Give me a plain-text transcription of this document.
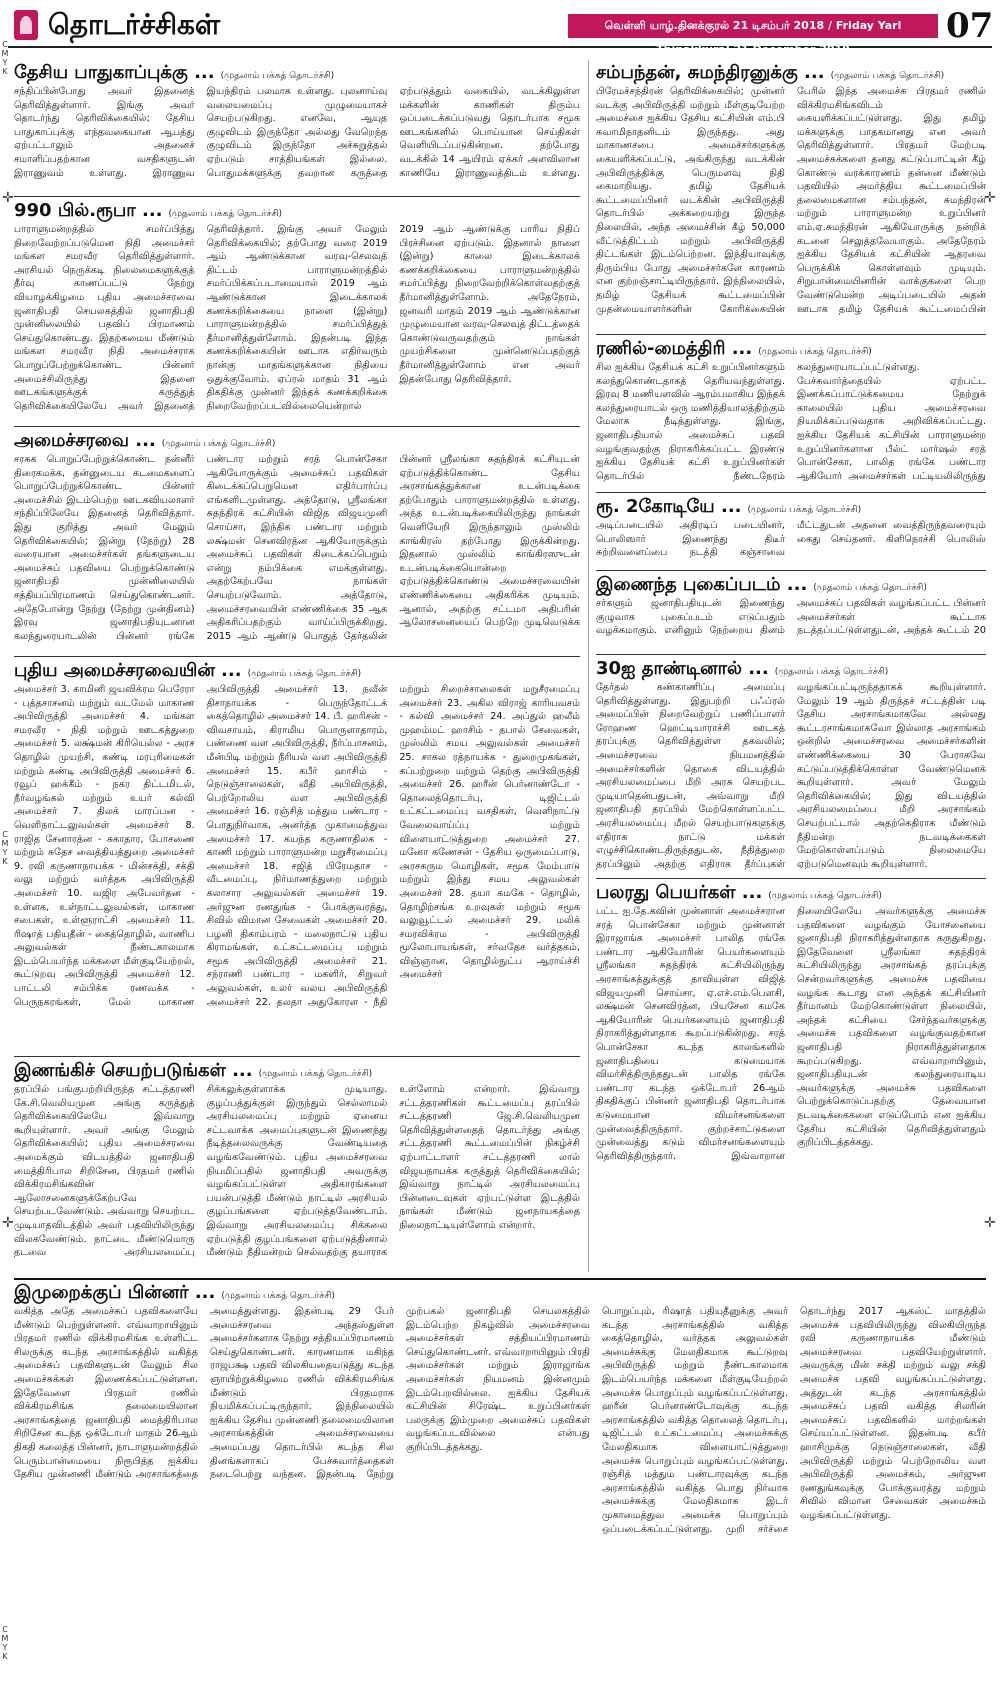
தொடர்ச்சிகள்	வெள்ளி யாழ்.தினக்குரல் 21 டிசம்பர் 2018 / Friday Yarl Thinakkural 21 December 2018
07
C
M
Y
K
C
M
Y
K
C
M
Y
K
✛
✛
✛
✛
தேசிய பாதுகாப்புக்கு ... (முதலாம் பக்கத் தொடர்ச்சி)
சந்திப்பின்போது அவர் இதனைத் தெரிவித்துள்ளார். இங்கு அவர் தொடர்ந்து தெரிவிக்கையில்; தேசிய பாதுகாப்புக்கு எந்தவகையான ஆபத்து ஏற்பட்டாலும் அதனைச் சமாளிப்பதற்கான வசதிகளுடன் இராணுவம் உள்ளது. இராணுவ இயந்திரம் பலமாக உள்ளது. புலனாய்வு வலையமைப்பு முழுமையாகச் செயற்படுகிறது. எனவே, ஆயுத குழுவிடம் இருந்தோ அல்லது வேறெந்த குழுவிடம் இருந்தோ அச்சுறுத்தல் ஏற்படும் சாத்தியங்கள் இல்லை. பொதுமக்களுக்கு தவறான கருத்தை ஏற்படுத்தும் வகையில், வடக்கிலுள்ள மக்களின் காணிகள் திரும்ப ஒப்படைக்கப்படுவது தொடர்பாக சமூக ஊடகங்களில் பொய்யான செய்திகள் வெளியிடப்படுகின்றன. தற்போது வடக்கில் 14 ஆயிரம் ஏக்கர் அளவிலான காணியே இராணுவத்திடம் உள்ளது.
990 பில்.ரூபா ... (முதலாம் பக்கத் தொடர்ச்சி)
பாராளுமன்றத்தில் சமர்ப்பித்து நிறைவேற்றப்படுமென நிதி அமைச்சர் மங்கள சமரவீர தெரிவித்துள்ளார். அரசியல் நெருக்கடி நிலைமைகளுக்குத் தீர்வு காணப்பட்டு நேற்று வியாழக்கிழமை புதிய அமைச்சரவை ஜனாதிபதி செயலகத்தில் ஜனாதிபதி முன்னிலையில் பதவிப் பிரமாணம் செய்துகொண்டது. இதற்கமைய மீண்டும் மங்கள சமரவீர நிதி அமைச்சராக பொறுப்பேற்றுக்கொண்ட பின்னர் அமைச்சிலிருந்து இதனை ஊடகங்களுக்குக் கருத்துத் தெரிவிக்கையிலேயே அவர் இதனைத் தெரிவித்தார். இங்கு அவர் மேலும் தெரிவிக்கையில்; தற்போது வரை 2019 ஆம் ஆண்டுக்கான வரவு-செலவுத் திட்டம் பாராளுமன்றத்தில் சமர்ப்பிக்கப்படாமையால் 2019 ஆம் ஆண்டுக்கான இடைக்காலக் கணக்கறிக்கையை நாளை (இன்று) பாராளுமன்றத்தில் சமர்ப்பித்துத் தீர்மானித்துள்ளோம். இதன்படி இந்த கணக்கறிக்கையின் ஊடாக எதிர்வரும் நான்கு மாதங்களுக்கான நிதியை ஒதுக்குவோம். ஏப்ரல் மாதம் 31 ஆம் திகதிக்கு முன்னர் இந்தக் கணக்கறிக்கை நிறைவேற்றப்படவில்லையென்றால் 2019 ஆம் ஆண்டுக்கு பாரிய நிதிப் பிரச்சினை ஏற்படும். இதனால் நாளை (இன்று) காலை இடைக்காலக் கணக்கறிக்கையை பாராளுமன்றத்தில் சமர்ப்பித்து நிறைவேற்றிக்கொள்வதற்குத் தீர்மானித்துள்ளோம். அதேநேரம், ஜனவரி மாதம் 2019 ஆம் ஆண்டுக்கான முழுமையான வரவு-செலவுத் திட்டத்தைக் கொண்டுவருவதற்கும் நாங்கள் முயற்சிகளை முன்னெடுப்பதற்குத் தீர்மானித்துள்ளோம் என அவர் இதன்போது தெரிவித்தார்.
அமைச்சரவை ... (முதலாம் பக்கத் தொடர்ச்சி)
சரசுக பொறுப்பேற்றுக்கொண்ட நன்னீர் திரைகமக்க, தன்னுடைய கடமைகளைப் பொறுப்பேற்றுக்கொண்ட பின்னர் அமைச்சில் இடம்பெற்ற ஊடகவியலாளர் சந்திப்பிலேயே இதனைத் தெரிவித்தார். இது குறித்து அவர் மேலும் தெரிவிக்கையில்; இன்று (நேற்று) 28 வரையான அமைச்சர்கள் தங்களுடைய அமைச்சுப் பதவியை பெற்றுக்கொண்டு ஜனாதிபதி முன்னிலையில் சத்தியப்பிரமாணம் செய்துகொண்டனர். அதேபோன்று நேற்று (நேற்று முன்தினம்) இரவு ஜனாதிபதியுடனான கலந்துரையாடலின் பின்னர் ரங்கே பண்டார மற்றும் சரத் பொன்சேகா ஆகியோருக்கும் அமைச்சுப் பதவிகள் கிடைக்கப்பெறுமென எதிர்பார்ப்பு எங்களிடமுள்ளது. அத்தோடு, ஸ்ரீலங்கா சுதந்திரக் கட்சியின் விஜித விஜயமுனி சொய்சா, இந்திக பண்டார மற்றும் லக்ஷ்மன் செனவிரத்ன ஆகியோருக்கும் அமைச்சுப் பதவிகள் கிடைக்கப்பெறும் என்று நம்பிக்கை எமக்குள்ளது. அதற்கேற்பவே நாங்கள் செயற்படுவோம். அத்தோடு, அமைச்சரவையின் எண்ணிக்கை 35 ஆக அதிகரிப்பதற்கும் வாய்ப்பிருக்கிறது. 2015 ஆம் ஆண்டு பொதுத் தேர்தலின் பின்னர் ஸ்ரீலங்கா சுதந்திரக் கட்சியுடன் ஏற்படுத்திக்கொண்ட தேசிய அரசாங்கத்துக்கான உடன்படிக்கை தற்போதும் பாராளுமன்றத்தில் உள்ளது. அந்த உடன்படிக்கையிலிருந்து நாங்கள் வெளியேறி இருந்தாலும் முஸ்லிம் காங்கிரஸ் தற்போது இருக்கின்றது. இதனால் முஸ்லிம் காங்கிரஸுடன் உடன்படிக்கையொன்றை ஏற்படுத்திக்கொண்டு அமைச்சரவையின் எண்ணிக்கையை அதிகரிக்க முடியும். ஆனால், அதற்கு சட்டமா அதிபரின் ஆலோசனையைப் பெற்றே முடிவெடுக்க
புதிய அமைச்சரவையின் ... (முதலாம் பக்கத் தொடர்ச்சி)
அமைச்சர் 3. காமினி ஜயவிக்ரம பெரேரா - புத்தசாசனம் மற்றும் வடமேல் மாகாண அபிவிருத்தி அமைச்சர் 4. மங்கள சமரவீர - நிதி மற்றும் ஊடகத்துறை அமைச்சர் 5. லக்ஷ்மன் கிரியெல்ல - அரச தொழில் முயற்சி, கண்டி மரபுரிமைகள் மற்றும் கண்டி அபிவிருத்தி அமைச்சர் 6. ரவூப் ஹக்கீம் - நகர திட்டமிடல், நீர்வழங்கல் மற்றும் உயர் கல்வி அமைச்சர் 7. திலக் மாரப்பன - வெளிநாட்டலுவல்கள் அமைச்சர் 8. ராஜித சேனாரத்ன - சுகாதார, போசணை மற்றும் சுதேச வைத்தியத்துறை அமைச்சர் 9. ரவி கருணாநாயக்க - மின்சக்தி, சக்தி வலு மற்றும் வர்த்தக அபிவிருத்தி அமைச்சர் 10. வஜிர அபேவர்தன - உள்ளக, உள்நாட்டலுவல்கள், மாகாண சபைகள், உள்ளூராட்சி அமைச்சர் 11. ரிஷாத் பதியுதீன் - கைத்தொழில், வாணிப அலுவல்கள் நீண்டகாலமாக இடம்பெயர்ந்த மக்களை மீள்குடியேற்றல், கூட்டுறவு அபிவிருத்தி அமைச்சர் 12. பாட்டலி சம்பிக்க ரணவக்க - பெருநகரங்கள், மேல் மாகாண அபிவிருத்தி அமைச்சர் 13. நவீன் திசாநாயக்க - பெருந்தோட்டக் கைத்தொழில் அமைச்சர் 14. பீ. ஹரிசன் - விவசாயம், கிராமிய பொருளாதாரம், பண்ணை வள அபிவிருத்தி, நீர்ப்பாசனம், மீன்பிடி மற்றும் நீரியல் வள அபிவிருத்தி அமைச்சர் 15. கபீர் ஹாசிம் - நெடுஞ்சாலைகள், வீதி அபிவிருத்தி, பெற்றோலிய வள அபிவிருத்தி அமைச்சர் 16. ரஞ்சித் மத்தும பண்டார - பொதுநிர்வாக, அனர்த்த முகாமைத்துவ அமைச்சர் 17. கயந்த கருணாதிலக - காணி மற்றும் பாராளுமன்ற மறுசீரமைப்பு அமைச்சர் 18. சஜித் பிரேமதாச - வீடமைப்பு, நிர்மாணத்துறை மற்றும் கலாசார அலுவல்கள் அமைச்சர் 19. அர்ஜுன ரணதுங்க - போக்குவரத்து, சிவில் விமான சேவைகள் அமைச்சர் 20. பழனி திகாம்பரம் - மலைநாட்டு புதிய கிராமங்கள், உட்கட்டமைப்பு மற்றும் சமூக அபிவிருத்தி அமைச்சர் 21. சந்ராணி பண்டார - மகளிர், சிறுவர் அலுவல்கள், உலர் வலய அபிவிருத்தி அமைச்சர் 22. தலதா அதுகோரள - நீதி மற்றும் சிறைச்சாலைகள் மறுசீரமைப்பு அமைச்சர் 23. அகில விராஜ் காரியவசம் - கல்வி அமைச்சர் 24. அப்துல் ஹலீம் முஹம்மட் ஹாசிம் - தபால் சேவைகள், முஸ்லிம் சமய அலுவல்கள் அமைச்சர் 25. சாகல ரத்நாயக்க - துறைமுகங்கள், கப்பற்றுறை மற்றும் தெற்கு அபிவிருத்தி அமைச்சர் 26. ஹரீன் பெர்னாண்டோ - தொலைத்தொடர்பு, டிஜிட்டல் உட்கட்டமைப்பு வசதிகள், வெளிநாட்டு வேலைவாய்ப்பு மற்றும் விளையாட்டுத்துறை அமைச்சர் 27. மனோ கணேசன் - தேசிய ஒருமைப்பாடு, அரசகரும மொழிகள், சமூக மேம்பாடு மற்றும் இந்து சமய அலுவல்கள் அமைச்சர் 28. தயா கமகே - தொழில், தொழிற்சங்க உறவுகள் மற்றும் சமூக வலுவூட்டல் அமைச்சர் 29. மலிக் சமரவிக்ரம - அபிவிருத்தி மூலோபாயங்கள், சர்வதேச வர்த்தகம், விஞ்ஞான, தொழில்நுட்ப ஆராய்ச்சி அமைச்சர்
இணங்கிச் செயற்படுங்கள் ... (முதலாம் பக்கத் தொடர்ச்சி)
தரப்பில் பங்குபற்றியிருந்த சட்டத்தரணி கே.சி.வெலியமுன அங்கு கருத்துத் தெரிவிக்கையிலேயே இவ்வாறு கூறியுள்ளார். அவர் அங்கு மேலும் தெரிவிக்கையில்; புதிய அமைச்சரவை அமைக்கும் விடயத்தில் ஜனாதிபதி மைத்திரிபால சிறிசேன, பிரதமர் ரணில் விக்கிரமசிங்கவின் ஆலோசனைகளுக்கேற்பவே செயற்படவேண்டும். அவ்வாறு செயற்பட முடியாதவிடத்தில் அவர் பதவியிலிருந்து விலகவேண்டும். நாட்டை மீண்டுமொரு தடவை அரசியலமைப்பு சிக்கலுக்குள்ளாக்க முடியாது. குழப்பத்துக்குள் இருந்தும் செல்லாமல் அரசியலமைப்பு மற்றும் ஏனைய சட்டவாக்க அமைப்புகளுடன் இணைந்து நீடித்தலைவருக்கு வேண்டியதை வழங்கவேண்டும். புதிய அமைச்சரவை நியமிப்பதில் ஜனாதிபதி அவருக்கு வழங்கப்பட்டுள்ள அதிகாரங்களை பயன்படுத்தி மீண்டும் நாட்டில் அரசியல் குழப்பங்களை ஏற்படுத்தவேண்டாம். இவ்வாறு அரசியலமைப்பு சிக்கலை ஏற்படுத்தி குழப்பங்களை ஏற்படுத்தினால் மீண்டும் நீதிமன்றம் செல்வதற்கு தயாராக உள்ளோம் என்றார். இவ்வாறு சட்டத்தரணிகள் கூட்டமைப்பு தரப்பில் சட்டத்தரணி ஜே.சி.வெலியமுன தெரிவித்துள்ளதைத் தொடர்ந்து அங்கு சட்டத்தரணி கூட்டமைப்பின் நிகழ்ச்சி ஏற்பாட்டாளர் சட்டத்தரணி லால் விஜயநாயக்க கருத்துத் தெரிவிக்கையில்; இவ்வாறு நாட்டில் அரசியலமைப்பு பின்னடைவுகள் ஏற்பட்டுள்ள இடத்தில் நாங்கள் மீண்டும் ஜனநாயகத்தை நிலைநாட்டியுள்ளோம் என்றார்.
சம்பந்தன், சுமந்திரனுக்கு ... (முதலாம் பக்கத் தொடர்ச்சி)
பிரேமச்சந்திரன் தெரிவிக்கையில்; முன்னர் வடக்கு அபிவிருத்தி மற்றும் மீள்குடியேற்ற அமைச்சை ஐக்கிய தேசிய கட்சியின் எம்.பி சுவாமிநாதனிடம் இருந்தது. அது மாகாணசபை அமைச்சர்களுக்கு கையளிக்கப்பட்டு, அங்கிருந்து வடக்கின் அபிவிருத்திக்கு பெருமளவு நிதி கைமாறியது. தமிழ் தேசியக் கூட்டமைப்பினர் வடக்கின் அபிவிருத்தி தொடர்பில் அக்கறையற்று இருந்த நிலையில், அந்த அமைச்சின் கீழ் 50,000 வீட்டுத்திட்டம் மற்றும் அபிவிருத்தி திட்டங்கள் இடம்பெற்றன. இந்தியாவுக்கு திரும்பிய போது அமைச்சர்களே காரணம் என குற்றஞ்சாட்டியிருந்தார். இந்நிலையில், தமிழ் தேசியக் கூட்டமைப்பின் முதன்மையாளர்களின் கோரிக்கையின் பேரில் இந்த அமைச்சு பிரதமர் ரணில் விக்கிரமசிங்கவிடம் கையளிக்கப்பட்டுள்ளது. இது தமிழ் மக்களுக்கு பாதகமானது என அவர் தெரிவித்துள்ளார். பிரதமர் மேற்படி அமைச்சுக்களை தனது கட்டுப்பாட்டின் கீழ் கொண்டு வரக்காரணம் தன்னை மீண்டும் பதவியில் அமர்த்திய கூட்டமைப்பின் தலைமைகளான சம்பந்தன், சுமந்திரன் மற்றும் பாராளுமன்ற உறுப்பினர் எம்.ஏ.சுமந்திரன் ஆகியோருக்கு நன்றிக் கடனை செலுத்தவேயாகும். அதேநேரம் ஐக்கிய தேசியக் கட்சியின் ஆதரவை பெருக்கிக் கொள்ளவும் முடியும். சிறுபான்மையினரின் வாக்குகளை பெற வேண்டுமென்ற அடிப்படையில் அதன் ஊடாக தமிழ் தேசியக் கூட்டமைப்பின்
ரணில்-மைத்திரி ... (முதலாம் பக்கத் தொடர்ச்சி)
சில ஐக்கிய தேசியக் கட்சி உறுப்பினர்களும் கலந்துகொண்டதாகத் தெரியவந்துள்ளது. இரவு 8 மணியளவில் ஆரம்பமாகிய இந்தக் கலந்துரையாடல் ஒரு மணித்தியாலத்திற்கும் மேலாக நீடித்துள்ளது. இங்கு, ஜனாதிபதியால் அமைச்சுப் பதவி வழங்குவதற்கு நிராகரிக்கப்பட்ட இரண்டு ஐக்கிய தேசியக் கட்சி உறுப்பினர்கள் தொடர்பில் நீண்டநேரம் கலந்துரையாடப்பட்டுள்ளது. பேச்சுவார்த்தையில் ஏற்பட்ட இணக்கப்பாட்டுக்கமைய நேற்றுக் காலையில் புதிய அமைச்சரவை நியமிக்கப்படுவதாக அறிவிக்கப்பட்டது. ஐக்கிய தேசியக் கட்சியின் பாராளுமன்ற உறுப்பினர்களான பீல்ட் மார்ஷல் சரத் பொன்சேகா, பாலித ரங்கே பண்டார ஆகியோர் அமைச்சர்கள் பட்டியலிலிருந்து
ரூ. 2கோடியே ... (முதலாம் பக்கத் தொடர்ச்சி)
அடிப்படையில் அதிரடிப் படையினர், பொலிஸார் இணைந்து திடீர் சுற்றிவளைப்பை நடத்தி கஞ்சாவை மீட்டதுடன் அதனை வைத்திருந்தவரையும் கைது செய்தனர். கிளிநொச்சி பொலிஸ்
இணைந்த புகைப்படம் ... (முதலாம் பக்கத் தொடர்ச்சி)
சர்களும் ஜனாதிபதியுடன் இணைந்து குழுவாக புகைப்படம் எடுப்பதும் வழக்கமாகும். எனினும் நேற்றைய தினம் அமைச்சுப் பதவிகள் வழங்கப்பட்ட பின்னர் அமைச்சர்கள் கூட்டாக நடத்தப்பட்டுள்ளதுடன், அந்தக் கூட்டம் 20
30ஐ தாண்டினால் ... (முதலாம் பக்கத் தொடர்ச்சி)
தேர்தல் கண்காணிப்பு அமைப்பு தெரிவித்துள்ளது. இதுபற்றி பஃப்ரல் அமைப்பின் நிறைவேற்றுப் பணிப்பாளர் ரோஹண ஹெட்டியாராச்சி ஊடகத் தரப்புக்கு தெரிவித்துள்ள தகவலில்; அமைச்சரவை நியமனத்தில் அமைச்சர்களின் தொகை விடயத்தில் அரசியலமைப்பை மீறி அரசு செயற்பட முடியாதென்பதுடன், அவ்வாறு மீறி ஜனாதிபதி தரப்பில் மேற்கொள்ளப்பட்ட அரசியலமைப்பு மீறல் செயற்பாடுகளுக்கு எதிராக நாட்டு மக்கள் எழுச்சிகொண்டதிருந்ததுடன், நீதித்துறை தரப்பிலும் அதற்கு எதிராக தீர்ப்புகள் வழங்கப்பட்டிருந்ததாகக் கூறியுள்ளார். மேலும் 19 ஆம் திருத்தச் சட்டத்தின் படி தேசிய அரசாங்கமாகவே அல்லது கூட்டரசாங்கமாகவோ இல்லாத அரசாங்கம் ஒன்றில் அமைச்சரவை அமைச்சர்களின் எண்ணிக்கையை 30 பேராகவே கட்டுப்படுத்திக்கொள்ள வேண்டுமெனக் கூறியுள்ளார். அவர் மேலும் தெரிவிக்கையில்; இது விடயத்தில் அரசியலமைப்பை மீறி அரசாங்கம் செயற்பட்டால் அதற்கெதிராக மீண்டும் நீதிமன்ற நடவடிக்கைகள் மேற்கொள்ளப்படும் நிலைமையே ஏற்படுமெனவும் கூறியுள்ளார்.
பலரது பெயர்கள் ... (முதலாம் பக்கத் தொடர்ச்சி)
பட்ட ஐ.தே.கவின் முன்னாள் அமைச்சரான சரத் பொன்சேகா மற்றும் முன்னாள் இராஜாங்க அமைச்சர் பாலித ரங்கே பண்டார ஆகியோரின் பெயர்களையும் ஸ்ரீலங்கா சுதந்திரக் கட்சியிலிருந்து அரசாங்கத்துக்குத் தாவியுள்ள விஜித் விஜயமுனி சொய்சா, ஏ.எச்.எம்.பௌசி, லக்ஷ்மன் செனவிரத்ன, பியசேன கமகே ஆகியோரின் பெயர்களையும் ஜனாதிபதி நிராகரித்துள்ளதாக கூறப்படுகின்றது. சரத் பொன்சேகா கடந்த காலங்களில் ஜனாதிபதியை கடுமையாக விமர்சித்திருந்ததுடன் பாலித ரங்கே பண்டார கடந்த ஒக்டோபர் 26ஆம் திகதிக்குப் பின்னர் ஜனாதிபதி தொடர்பாக கடுமையான விமர்சனங்களை முன்வைத்திருந்தார். குற்றச்சாட்டுகளை முன்வைத்து கடும் விமர்சனங்களையும் தெரிவித்திருந்தார். இவ்வாறான நிலையிலேயே அவர்களுக்கு அமைச்சு பதவிகளை வழங்கும் யோசனையை ஜனாதிபதி நிராகரித்துள்ளதாக கருதுகிறது. இதேவேளை ஸ்ரீலங்கா சுதந்திரக் கட்சியிலிருந்து அரசாங்கத் தரப்புக்கு சென்றவர்களுக்கு அமைச்சு பதவியை வழங்க கூடாது என அந்தக் கட்சியினர் தீர்மானம் மேற்கொண்டுள்ள நிலையில், அந்தக் கட்சியை சேர்ந்தவர்களுக்கு அமைச்சு பதவிகளை வழங்குவதற்கான ஜனாதிபதி நிராகரித்துள்ளதாக கூறப்படுகிறது. எவ்வாறாயினும், ஜனாதிபதியுடன் கலந்துரையாடிய அவர்களுக்கு அமைச்சு பதவிகளை பெற்றுக்கொடுப்பதற்கு தேவையான நடவடிக்கைகளை எடுப்போம் என ஐக்கிய தேசிய கட்சியின் தெரிவித்துள்ளதும் குறிப்பிடத்தக்கது.
இமுறைக்குப் பின்னர் ... (முதலாம் பக்கத் தொடர்ச்சி)
வகித்த அதே அமைச்சுப் பதவிகளையே மீண்டும் பெற்றுள்ளனர். எவ்வாறாயினும் பிரதமர் ரணில் விக்கிரமசிங்க உள்ளிட்ட சிலருக்கு கடந்த அரசாங்கத்தில் வகித்த அமைச்சுப் பதவிகளுடன் மேலும் சில அமைச்சுக்கள் இணைக்கப்பட்டுள்ளன. இதேவேளை பிரதமர் ரணில் விக்கிரமசிங்க தலைமையிலான அரசாங்கத்தை ஜனாதிபதி மைத்திரிபால சிறிசேன கடந்த ஒக்டோபர் மாதம் 26ஆம் திகதி கலைத்த பின்னர், நாடாளுமன்றத்தில் பெரும்பான்மையை நிரூபித்த ஐக்கிய தேசிய முன்னணி மீண்டும் அரசாங்கத்தை அமைத்துள்ளது. இதன்படி 29 பேர் அமைச்சரவை அந்தஸ்துள்ள அமைச்சர்களாக நேற்று சத்தியப்பிரமாணம் செய்துகொண்டனர். காரணமாக மகிந்த ராஜபக்ஷ பதவி விலகியதையடுத்து கடந்த ஞாயிற்றுக்கிழமை ரணில் விக்கிரமசிங்க மீண்டும் பிரதமராக நியமிக்கப்பட்டிருந்தார். இந்நிலையில் ஐக்கிய தேசிய முன்னணி தலைமையிலான அரசாங்கத்தின் அமைச்சரவையை அமைப்பது தொடர்பில் கடந்த சில தினங்களாகப் பேச்சுவார்த்தைகள் நடைபெற்று வந்தன. இதன்படி நேற்று முற்பகல் ஜனாதிபதி செயலகத்தில் இடம்பெற்ற நிகழ்வில் அமைச்சரவை அமைச்சர்கள் சத்தியப்பிரமாணம் செய்துகொண்டனர். எவ்வாறாயினும் பிரதி அமைச்சர்கள் மற்றும் இராஜாங்க அமைச்சர்கள் நியமனம் இன்னமும் இடம்பெறவில்லை. ஐக்கிய தேசியக் கட்சியின் சிரேஷ்ட உறுப்பினர்கள் பலருக்கு இம்முறை அமைச்சுப் பதவிகள் வழங்கப்படவில்லை என்பது குறிப்பிடத்தக்கது.
பொறுப்பும், ரிஷாத் பதியுதீனுக்கு அவர் கடந்த அரசாங்கத்தில் வகித்த கைத்தொழில், வர்த்தக அலுவல்கள் அமைச்சுக்கு மேலதிகமாக கூட்டுறவு அபிவிருத்தி மற்றும் நீண்டகாலமாக இடம்பெயர்ந்த மக்களை மீள்குடியேற்றல் அமைச்சு பொறுப்பும் வழங்கப்பட்டுள்ளது. ஹரீன் பெர்னாண்டோவுக்கு கடந்த அரசாங்கத்தில் வகித்த தொலைத் தொடர்பு, டிஜிட்டல் உட்கட்டமைப்பு அமைச்சுக்கு மேலதிகமாக விளையாட்டுத்துறை அமைச்சு பொறுப்பும் வழங்கப்பட்டுள்ளது. ரஞ்சித் மத்தும பண்டாரவுக்கு கடந்த அரசாங்கத்தில் வகித்த பொது நிர்வாக அமைச்சுக்கு மேலதிகமாக இடர் முகாமைத்துவ அமைச்சு பொறுப்பும் ஒப்படைக்கப்பட்டுள்ளது. முறி சர்ச்சை தொடர்ந்து 2017 ஆகஸ்ட் மாதத்தில் அமைச்சு பதவியிலிருந்து விலகியிருந்த ரவி கருணாநாயக்க மீண்டும் அமைச்சரவை பதவியேற்றுள்ளார். அவருக்கு மின் சக்தி மற்றும் வலு சக்தி அமைச்சு பதவி வழங்கப்பட்டுள்ளது. அத்துடன் கடந்த அரசாங்கத்தில் அமைச்சுப் பதவி வகித்த சிலரின் அமைச்சுப் பதவிகளில் மாற்றங்கள் செய்யப்பட்டுள்ளன. இதன்படி கபீர் ஹாசிமுக்கு நெடுஞ்சாலைகள், வீதி அபிவிருத்தி மற்றும் பெற்றோலிய வள அபிவிருத்தி அமைச்சும், அர்ஜுன ரணதுங்கவுக்கு போக்குவரத்து மற்றும் சிவில் விமான சேவைகள் அமைச்சும் வழங்கப்பட்டுள்ளது.
